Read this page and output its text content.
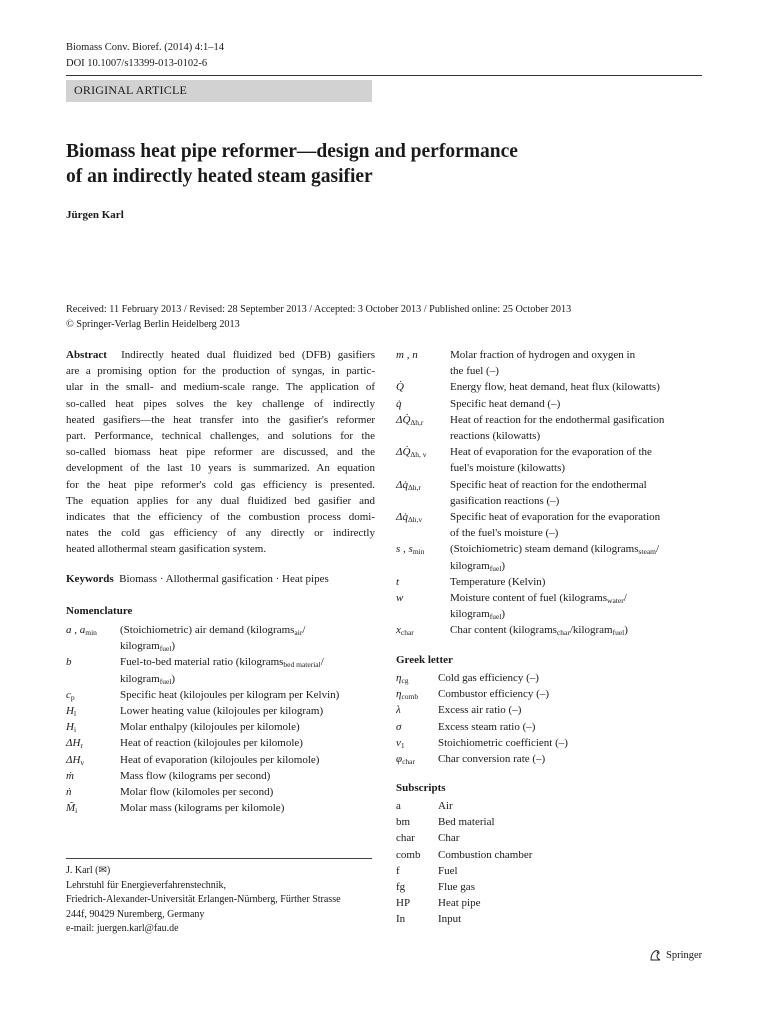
Biomass Conv. Bioref. (2014) 4:1–14
DOI 10.1007/s13399-013-0102-6
ORIGINAL ARTICLE
Biomass heat pipe reformer—design and performance
of an indirectly heated steam gasifier
Jürgen Karl
Received: 11 February 2013 / Revised: 28 September 2013 / Accepted: 3 October 2013 / Published online: 25 October 2013
© Springer-Verlag Berlin Heidelberg 2013
Abstract Indirectly heated dual fluidized bed (DFB) gasifiers
are a promising option for the production of syngas, in partic-
ular in the small- and medium-scale range. The application of
so-called heat pipes solves the key challenge of indirectly
heated gasifiers—the heat transfer into the gasifier's reformer
part. Performance, technical challenges, and solutions for the
so-called biomass heat pipe reformer are discussed, and the
development of the last 10 years is summarized. An equation
for the heat pipe reformer's cold gas efficiency is presented.
The equation applies for any dual fluidized bed gasifier and
indicates that the efficiency of the combustion process domi-
nates the cold gas efficiency of any directly or indirectly
heated allothermal steam gasification system.
Keywords Biomass · Allothermal gasification · Heat pipes
Nomenclature
a , $a_{min}$ (Stoichiometric) air demand (kilograms$_{air}$/
kilogram$_{fuel}$)
b	Fuel-to-bed material ratio (kilograms$_{bed material}$/
kilogram$_{fuel}$)
$c_p$	Specific heat (kilojoules per kilogram per Kelvin)
$H_l$	Lower heating value (kilojoules per kilogram)
$H_i$	Molar enthalpy (kilojoules per kilomole)
$\Delta H_r$	Heat of reaction (kilojoules per kilomole)
$\Delta H_v$	Heat of evaporation (kilojoules per kilomole)
ṁ	Mass flow (kilograms per second)
ṅ	Molar flow (kilomoles per second)
$M̃_i$	Molar mass (kilograms per kilomole)
m , n	Molar fraction of hydrogen and oxygen in
the fuel (–)
Q̇	Energy flow, heat demand, heat flux (kilowatts)
q̇	Specific heat demand (–)
$\Delta Q̇_{\Delta h,r}$ Heat of reaction for the endothermal gasification
reactions (kilowatts)
$\Delta Q̇_{\Delta h, v}$ Heat of evaporation for the evaporation of the
fuel's moisture (kilowatts)
$\Delta q̇_{\Delta h,r}$	Specific heat of reaction for the endothermal
gasification reactions (–)
$\Delta q̇_{\Delta h,v}$	Specific heat of evaporation for the evaporation
of the fuel's moisture (–)
s , $s_{min}$ (Stoichiometric) steam demand (kilograms$_{steam}$/
kilogram$_{fuel}$)
t	Temperature (Kelvin)
w	Moisture content of fuel (kilograms$_{water}$/
kilogram$_{fuel}$)
$x_{char}$	Char content (kilograms$_{char}$/kilogram$_{fuel}$)
Greek letter
$\eta_{cg}$	Cold gas efficiency (–)
$\eta_{comb}$ Combustor efficiency (–)
λ	Excess air ratio (–)
σ	Excess steam ratio (–)
$\nu_1$	Stoichiometric coefficient (–)
$\varphi_{char}$ Char conversion rate (–)
Subscripts
a	Air
bm	Bed material
char Char
comb Combustion chamber
f	Fuel
fg	Flue gas
HP	Heat pipe
In	Input
J. Karl (✉)
Lehrstuhl für Energieverfahrenstechnik,
Friedrich-Alexander-Universität Erlangen-Nürnberg, Fürther Strasse
244f, 90429 Nuremberg, Germany
e-mail: juergen.karl@fau.de
Springer
